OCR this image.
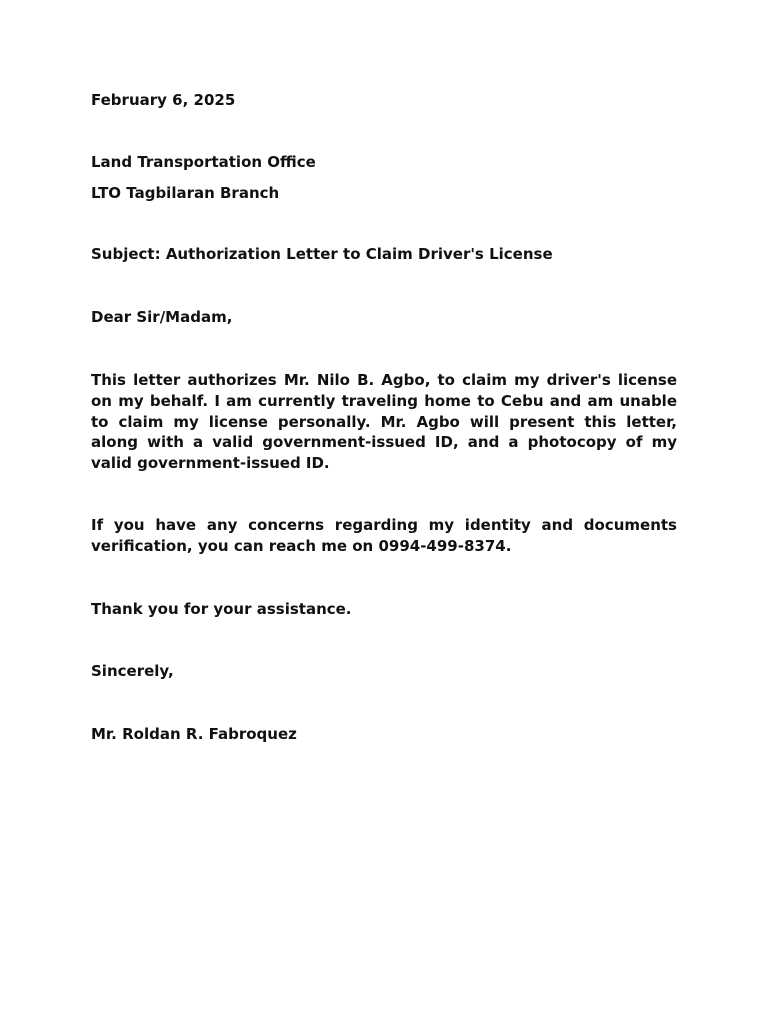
February 6, 2025

Land Transportation Office

LTO Tagbilaran Branch

Subject: Authorization Letter to Claim Driver's License

Dear Sir/Madam,

This letter authorizes Mr. Nilo B. Agbo, to claim my driver's license on my behalf. I am currently traveling home to Cebu and am unable to claim my license personally. Mr. Agbo will present this letter, along with a valid government-issued ID, and a photocopy of my valid government-issued ID.

If you have any concerns regarding my identity and documents verification, you can reach me on 0994-499-8374.

Thank you for your assistance.

Sincerely,

Mr. Roldan R. Fabroquez
